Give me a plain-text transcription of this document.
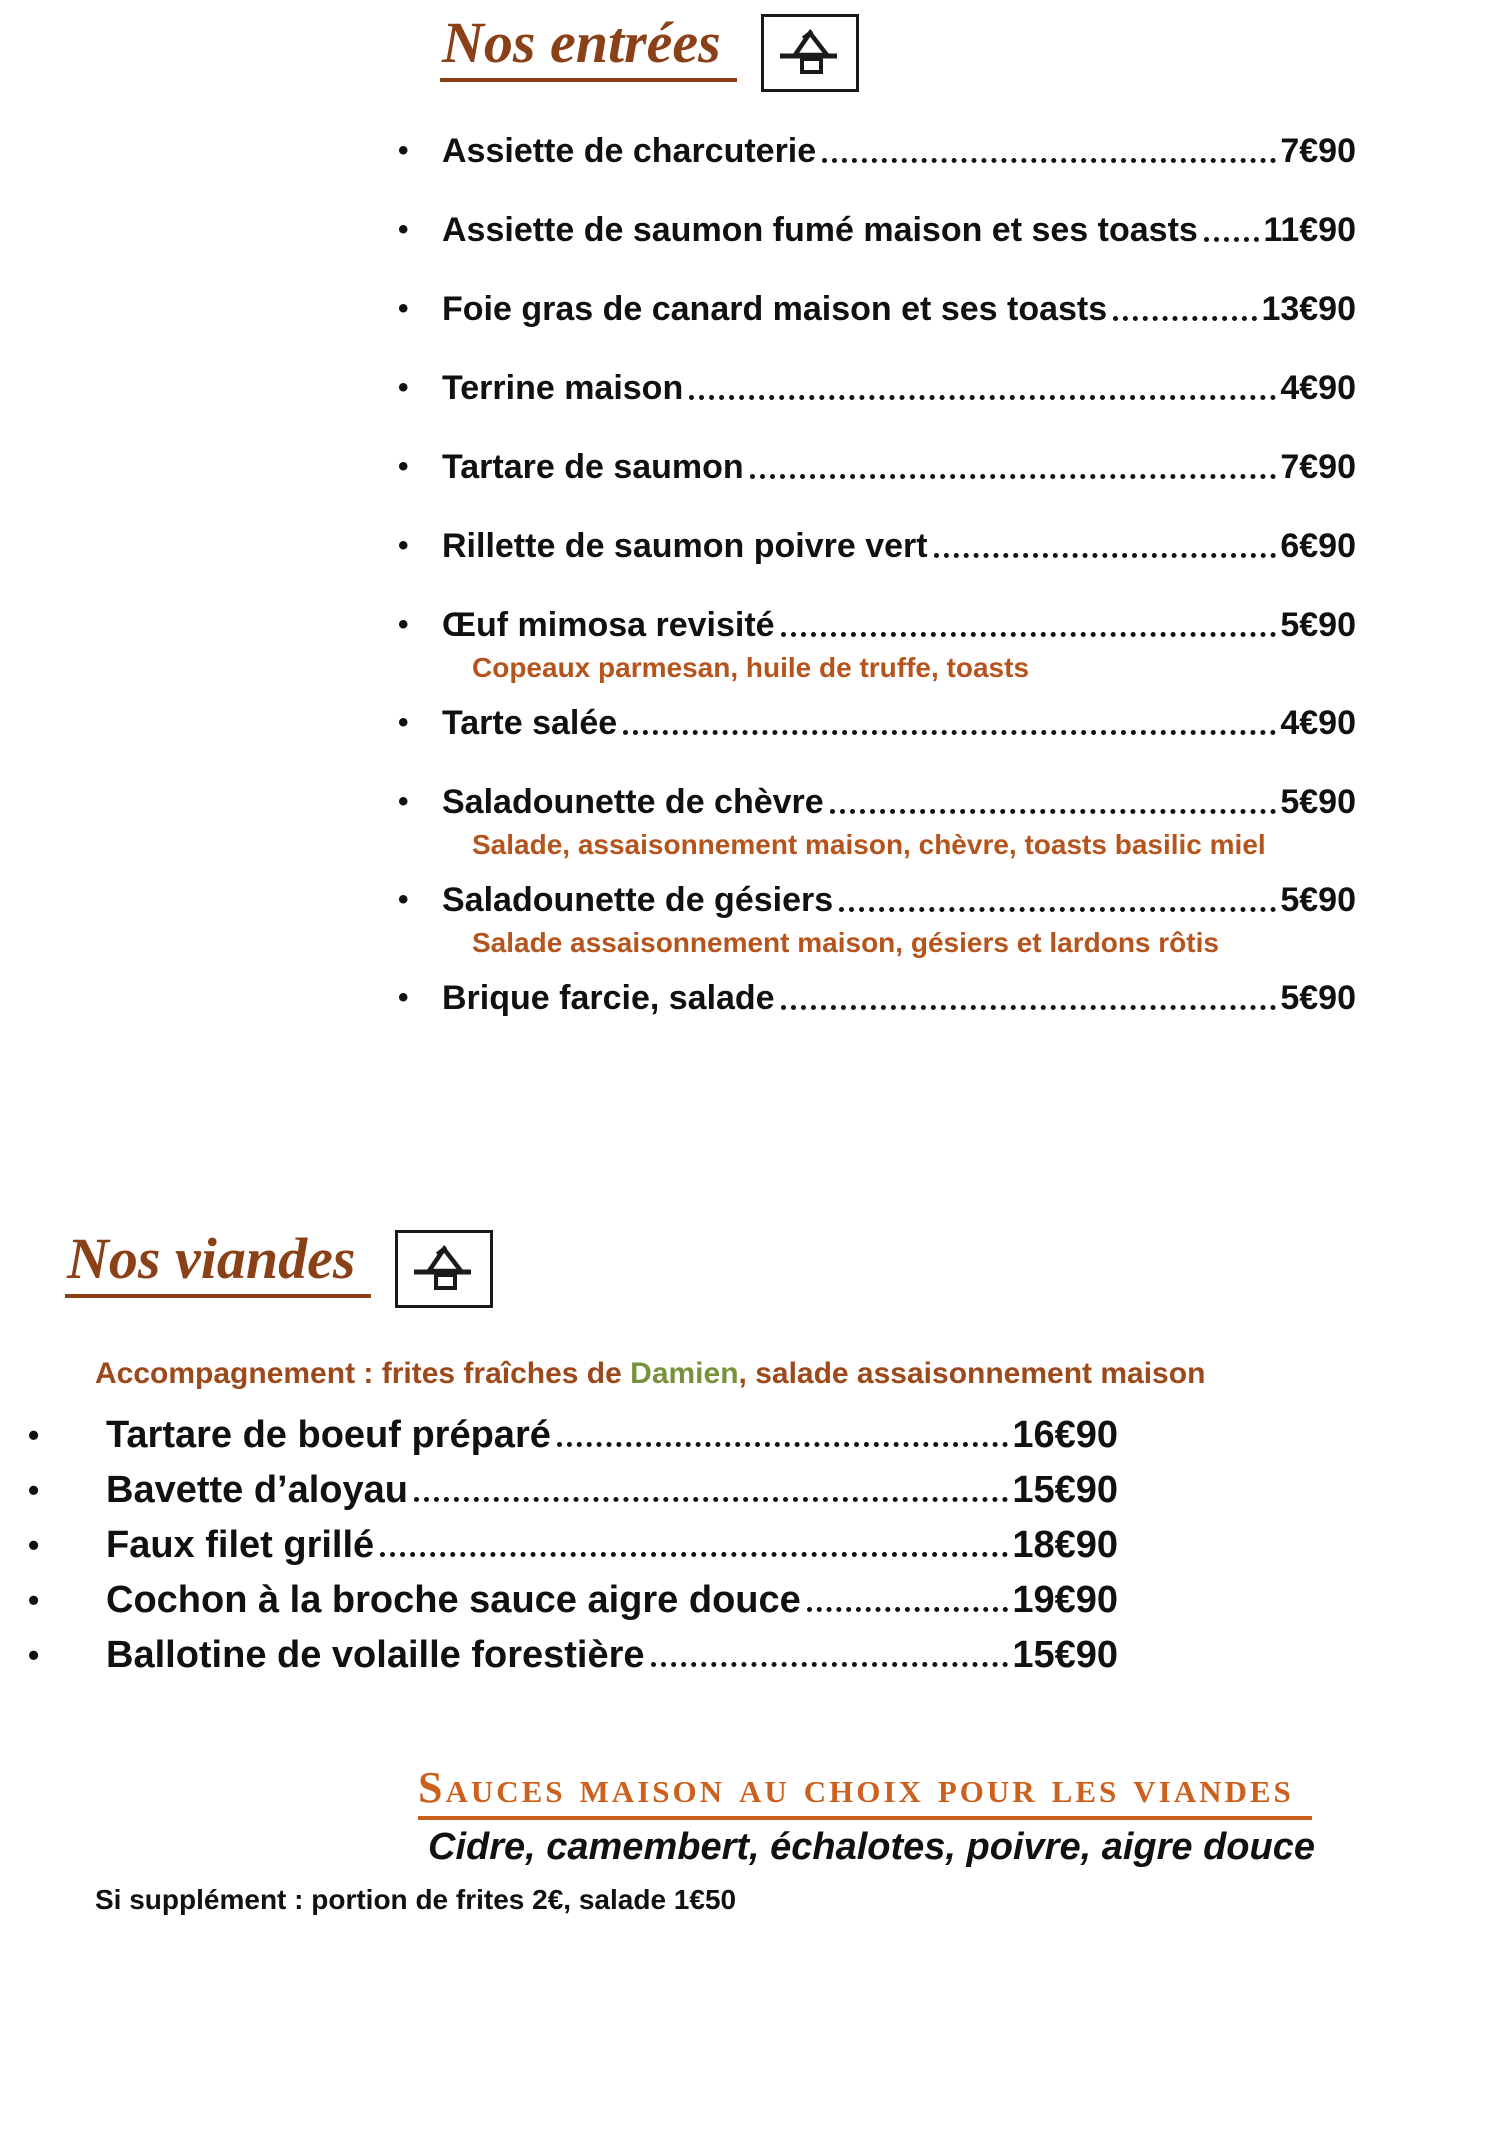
Nos entrées
• Assiette de charcuterie	7€90
• Assiette de saumon fumé maison et ses toasts 11€90
• Foie gras de canard maison et ses toasts	13€90
• Terrine maison	4€90
• Tartare de saumon	7€90
• Rillette de saumon poivre vert	6€90
• Œuf mimosa revisité	5€90
Copeaux parmesan, huile de truffe, toasts
• Tarte salée	4€90
• Saladounette de chèvre	5€90
Salade, assaisonnement maison, chèvre, toasts basilic miel
• Saladounette de gésiers	5€90
Salade assaisonnement maison, gésiers et lardons rôtis
• Brique farcie, salade	5€90
Nos viandes
Accompagnement : frites fraîches de Damien, salade assaisonnement maison
•	Tartare de boeuf préparé	16€90
•	Bavette d’aloyau	15€90
•	Faux filet grillé	18€90
•	Cochon à la broche sauce aigre douce	19€90
•	Ballotine de volaille forestière	15€90
Sauces maison au choix pour les viandes
Cidre, camembert, échalotes, poivre, aigre douce
Si supplément : portion de frites 2€, salade 1€50
